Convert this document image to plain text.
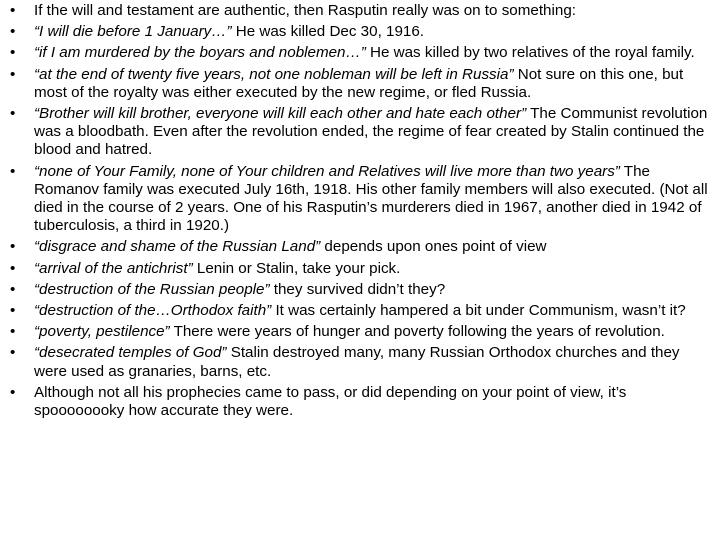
• If the will and testament are authentic, then Rasputin really was on to something:
• “I will die before 1 January…” He was killed Dec 30, 1916.
• “if I am murdered by the boyars and noblemen…” He was killed by two relatives of the royal family.
• “at the end of twenty five years, not one nobleman will be left in Russia” Not sure on this one, but most of the royalty was either executed by the new regime, or fled Russia.
• “Brother will kill brother, everyone will kill each other and hate each other” The Communist revolution was a bloodbath. Even after the revolution ended, the regime of fear created by Stalin continued the blood and hatred.
• “none of Your Family, none of Your children and Relatives will live more than two years” The Romanov family was executed July 16th, 1918. His other family members will also executed. (Not all died in the course of 2 years. One of his Rasputin’s murderers died in 1967, another died in 1942 of tuberculosis, a third in 1920.)
• “disgrace and shame of the Russian Land” depends upon ones point of view
• “arrival of the antichrist” Lenin or Stalin, take your pick.
• “destruction of the Russian people” they survived didn’t they?
• “destruction of the…Orthodox faith” It was certainly hampered a bit under Communism, wasn’t it?
• “poverty, pestilence” There were years of hunger and poverty following the years of revolution.
• “desecrated temples of God” Stalin destroyed many, many Russian Orthodox churches and they were used as granaries, barns, etc.
• Although not all his prophecies came to pass, or did depending on your point of view, it’s spoooooooky how accurate they were.
